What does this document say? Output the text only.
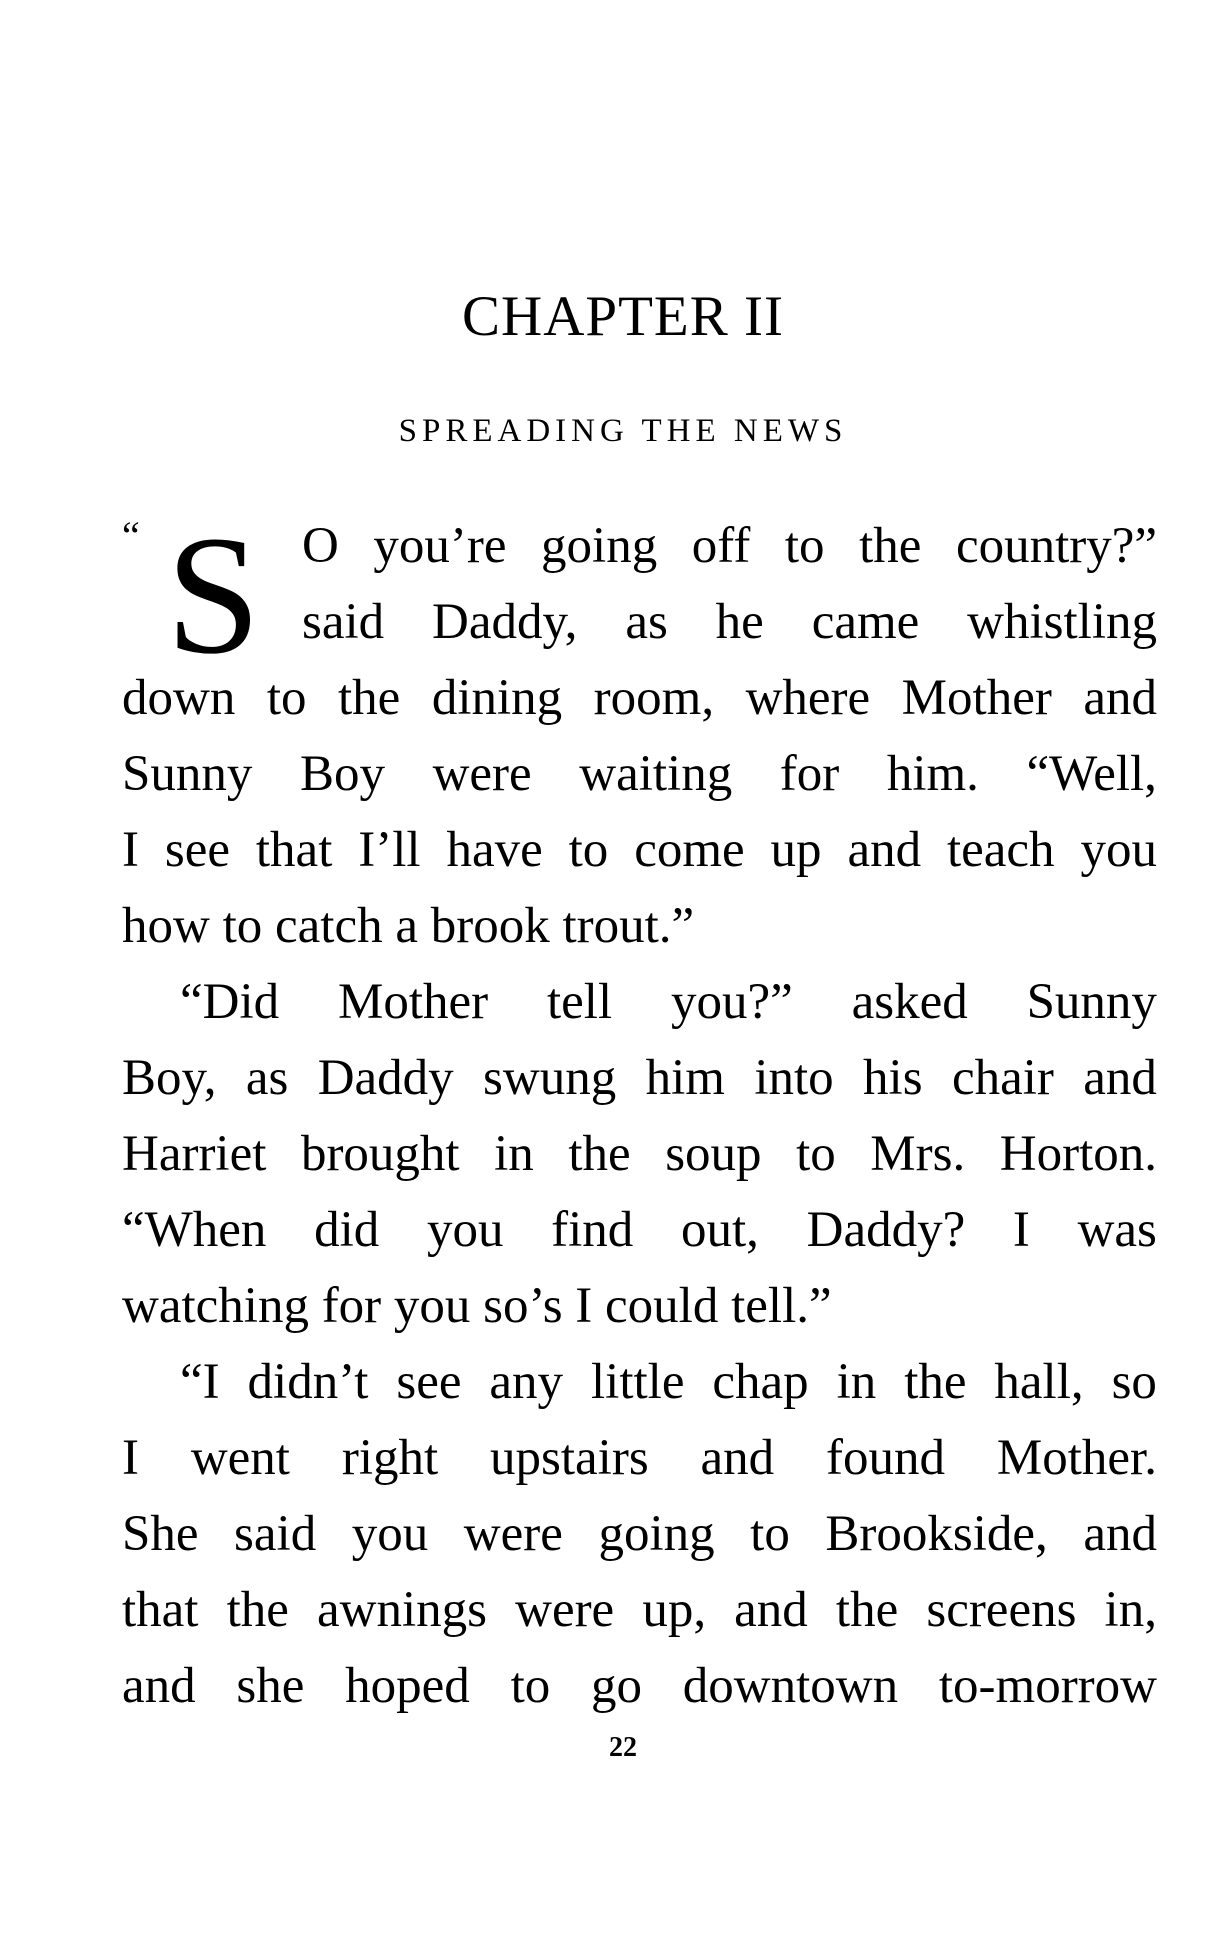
CHAPTER II
SPREADING THE NEWS
“ S O you’re going off to the country?”
said Daddy, as he came whistling
down to the dining room, where Mother and
Sunny Boy were waiting for him. “Well,
I see that I’ll have to come up and teach you
how
to
catch
a
brook
trout.”
“Did Mother tell you?” asked Sunny
Boy, as Daddy swung him into his chair and
Harriet brought in the soup to Mrs. Horton.
“When did you find out, Daddy? I was
watching
for
you
so’s
I
could
tell.”
“I didn’t see any little chap in the hall, so
I went right upstairs and found Mother.
She said you were going to Brookside, and
that the awnings were up, and the screens in,
and she hoped to go downtown to-morrow
22
